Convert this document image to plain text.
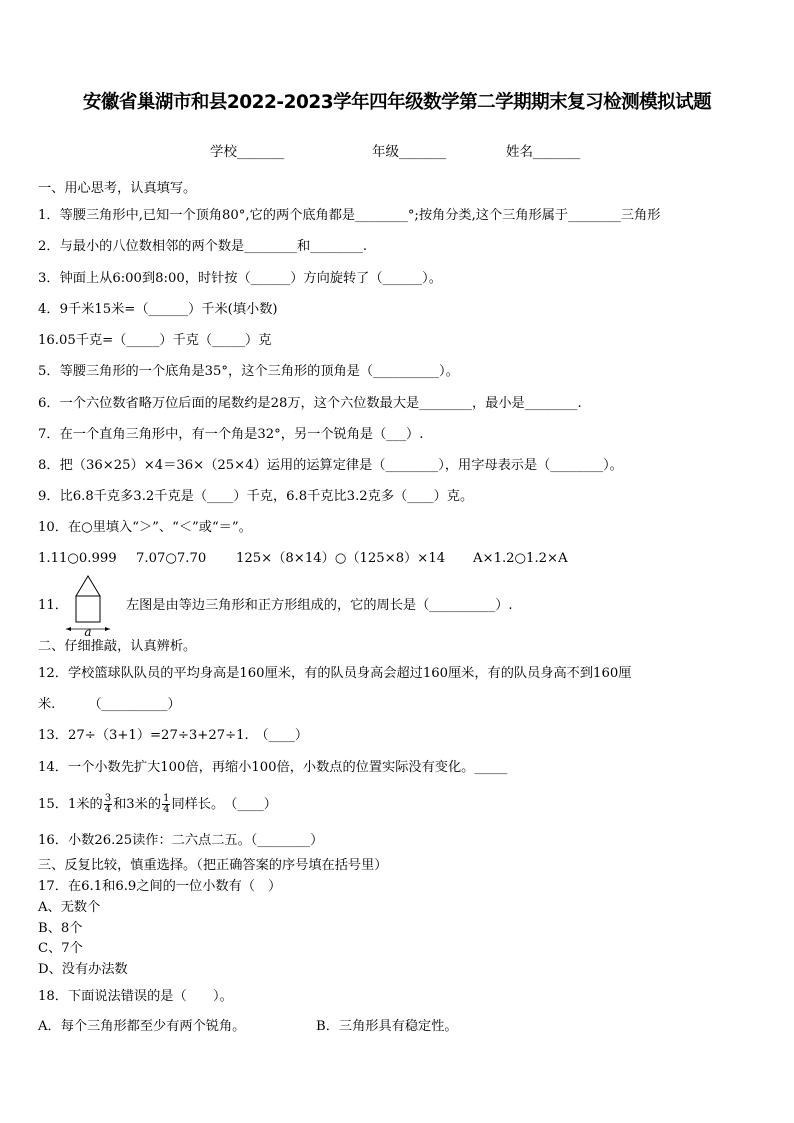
安徽省巢湖市和县2022-2023学年四年级数学第二学期期末复习检测模拟试题
学校_______	年级_______	姓名_______
一、用心思考，认真填写。
1．等腰三角形中,已知一个顶角80°,它的两个底角都是________°;按角分类,这个三角形属于________三角形
2．与最小的八位数相邻的两个数是________和________.
3．钟面上从6:00到8:00，时针按（______）方向旋转了（______）。
4．9千米15米=（______）千米(填小数)
16.05千克=（_____）千克（_____）克
5．等腰三角形的一个底角是35°，这个三角形的顶角是（__________）。
6．一个六位数省略万位后面的尾数约是28万，这个六位数最大是________，最小是________.
7．在一个直角三角形中，有一个角是32°，另一个锐角是（___）.
8．把（36×25）×4＝36×（25×4）运用的运算定律是（________），用字母表示是（________）。
9．比6.8千克多3.2千克是（____）千克，6.8千克比3.2克多（____）克。
10．在○里填入“＞”、“＜”或“＝”。
1.11○0.999 7.07○7.70 125×（8×14）○（125×8）×14 A×1.2○1.2×A
11．
a
左图是由等边三角形和正方形组成的，它的周长是（__________）.
二、仔细推敲，认真辨析。
12．学校篮球队队员的平均身高是160厘米，有的队员身高会超过160厘米，有的队员身高不到160厘
米.　　　（__________）
13．27÷（3+1）=27÷3+27÷1.　（____）
14．一个小数先扩大100倍，再缩小100倍，小数点的位置实际没有变化。_____
15．1米的 $\frac{3}{4}$ 和3米的 $\frac{1}{4}$ 同样长。　（____）
16．小数26.25读作：二六点二五。（________）
三、反复比较，慎重选择。（把正确答案的序号填在括号里）
17．在6.1和6.9之间的一位小数有（　）
A、无数个
B、8个
C、7个
D、没有办法数
18．下面说法错误的是（　　）。
A．每个三角形都至少有两个锐角。	B．三角形具有稳定性。
